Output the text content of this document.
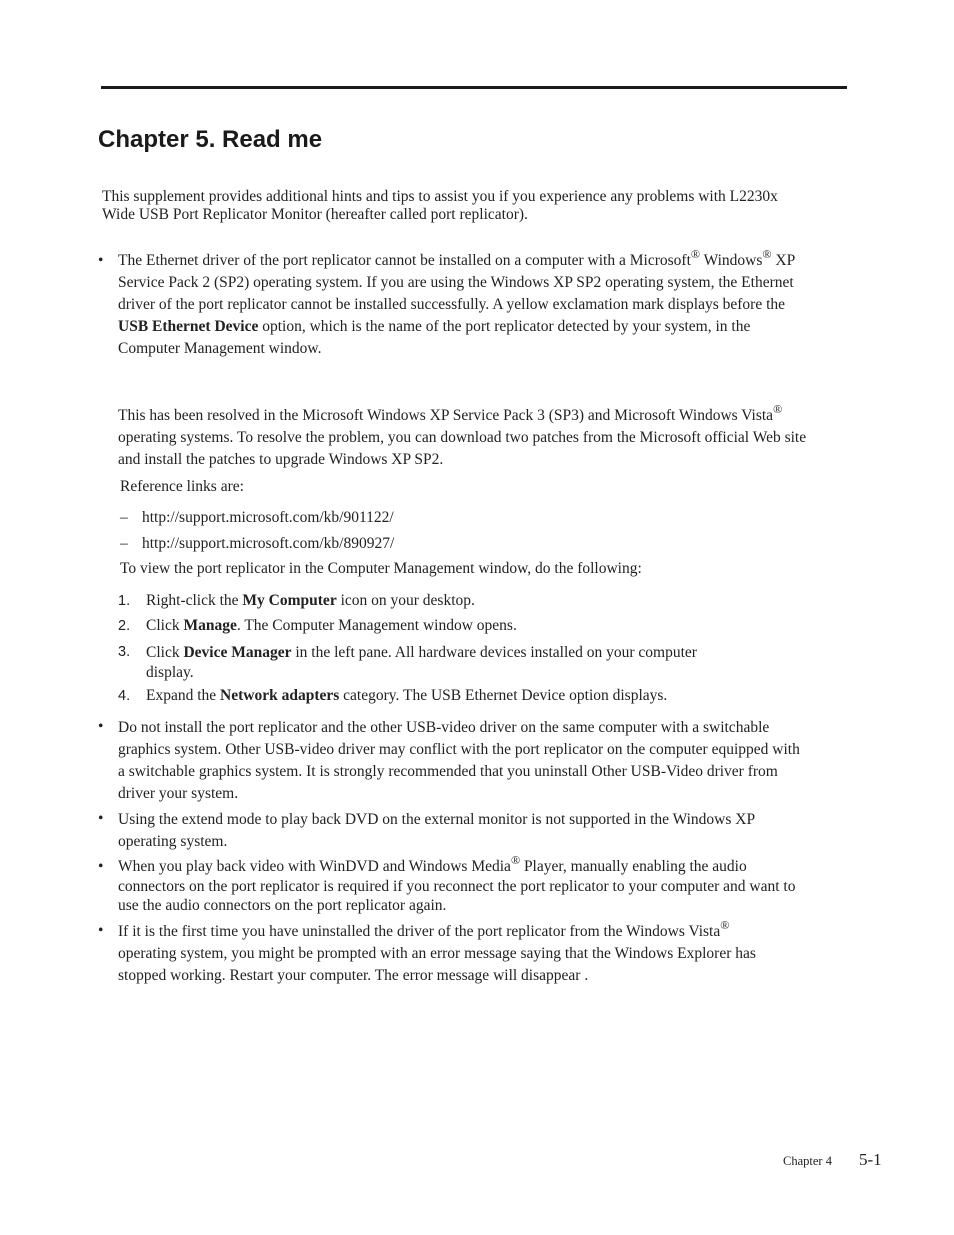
Chapter 5. Read me
This supplement provides additional hints and tips to assist you if you experience any problems with L2230x Wide USB Port Replicator Monitor (hereafter called port replicator).
• The Ethernet driver of the port replicator cannot be installed on a computer with a Microsoft® Windows® XP Service Pack 2 (SP2) operating system. If you are using the Windows XP SP2 operating system, the Ethernet driver of the port replicator cannot be installed successfully. A yellow exclamation mark displays before the USB Ethernet Device option, which is the name of the port replicator detected by your system, in the Computer Management window.
This has been resolved in the Microsoft Windows XP Service Pack 3 (SP3) and Microsoft Windows Vista® operating systems. To resolve the problem, you can download two patches from the Microsoft official Web site and install the patches to upgrade Windows XP SP2.
Reference links are:
– http://support.microsoft.com/kb/901122/
– http://support.microsoft.com/kb/890927/
To view the port replicator in the Computer Management window, do the following:
1. Right-click the My Computer icon on your desktop.
2. Click Manage. The Computer Management window opens.
3. Click Device Manager in the left pane. All hardware devices installed on your computer display.
4. Expand the Network adapters category. The USB Ethernet Device option displays.
• Do not install the port replicator and the other USB-video driver on the same computer with a switchable graphics system. Other USB-video driver may conflict with the port replicator on the computer equipped with a switchable graphics system. It is strongly recommended that you uninstall Other USB-Video driver from driver your system.
• Using the extend mode to play back DVD on the external monitor is not supported in the Windows XP operating system.
• When you play back video with WinDVD and Windows Media® Player, manually enabling the audio connectors on the port replicator is required if you reconnect the port replicator to your computer and want to use the audio connectors on the port replicator again.
• If it is the first time you have uninstalled the driver of the port replicator from the Windows Vista® operating system, you might be prompted with an error message saying that the Windows Explorer has stopped working. Restart your computer. The error message will disappear .
Chapter 4 5-1
